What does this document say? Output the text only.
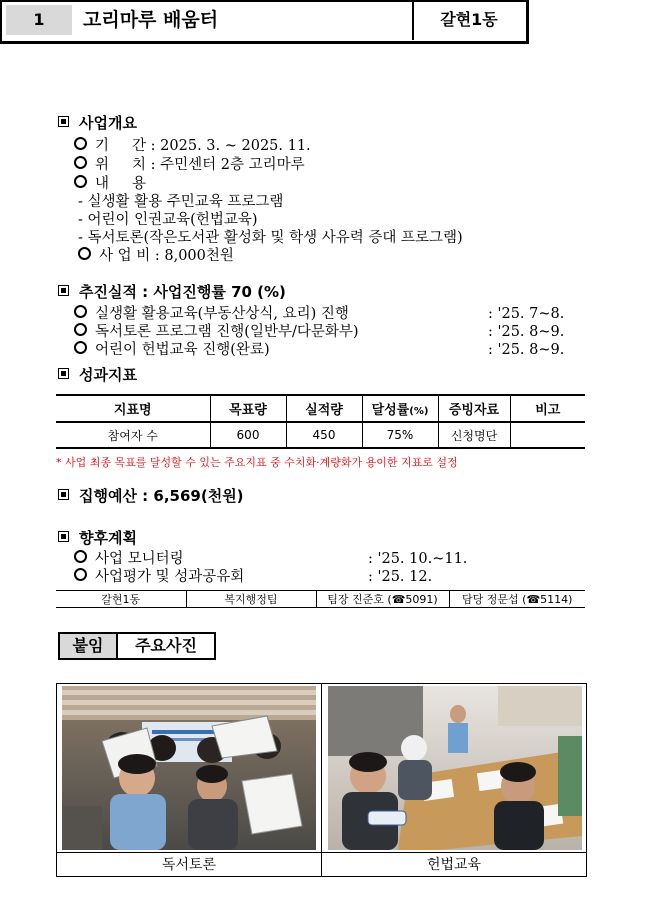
1	고리마루 배움터	갈현1동
사업개요
기     간 : 2025. 3. ~ 2025. 11.
위     치 : 주민센터 2층 고리마루
내     용
- 실생활 활용 주민교육 프로그램
- 어린이 인권교육(헌법교육)
- 독서토론(작은도서관 활성화 및 학생 사유력 증대 프로그램)
사 업 비 : 8,000천원
추진실적 : 사업진행률 70 (%)
실생활 활용교육(부동산상식, 요리) 진행	: '25. 7~8.
독서토론 프로그램 진행(일반부/다문화부)	: '25. 8~9.
어린이 헌법교육 진행(완료)	: '25. 8~9.
성과지표
지표명	목표량	실적량	달성률(%)	증빙자료	비고
참여자 수	600	450	75%	신청명단	
* 사업 최종 목표를 달성할 수 있는 주요지표 중 수치화·계량화가 용이한 지표로 설정
집행예산 : 6,569(천원)
향후계획
사업 모니터링	: '25. 10.~11.
사업평가 및 성과공유회	: '25. 12.
갈현1동	복지행정팀	팀장 진준호 (☎5091)	담당 정문섭 (☎5114)
붙임	주요사진
독서토론	헌법교육
